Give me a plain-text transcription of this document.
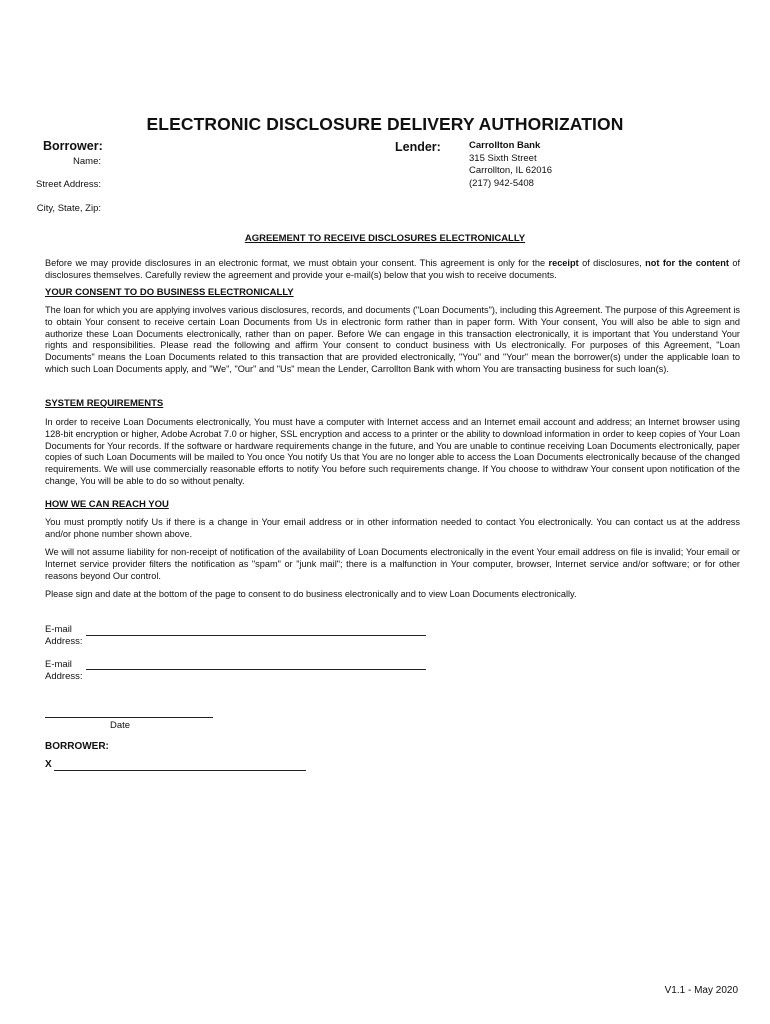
ELECTRONIC DISCLOSURE DELIVERY AUTHORIZATION
Borrower:
Name:
Street Address:
City, State, Zip:
Lender:	Carrollton Bank
315 Sixth Street
Carrollton, IL 62016
(217) 942-5408
AGREEMENT TO RECEIVE DISCLOSURES ELECTRONICALLY

Before we may provide disclosures in an electronic format, we must obtain your consent. This agreement is only for the receipt of disclosures, not for the content of disclosures themselves. Carefully review the agreement and provide your e-mail(s) below that you wish to receive documents.

YOUR CONSENT TO DO BUSINESS ELECTRONICALLY

The loan for which you are applying involves various disclosures, records, and documents ("Loan Documents"), including this Agreement. The purpose of this Agreement is to obtain Your consent to receive certain Loan Documents from Us in electronic form rather than in paper form. With Your consent, You will also be able to sign and authorize these Loan Documents electronically, rather than on paper. Before We can engage in this transaction electronically, it is important that You understand Your rights and responsibilities. Please read the following and affirm Your consent to conduct business with Us electronically. For purposes of this Agreement, "Loan Documents" means the Loan Documents related to this transaction that are provided electronically, "You" and "Your" mean the borrower(s) under the applicable loan to which such Loan Documents apply, and "We", "Our" and "Us" mean the Lender, Carrollton Bank with whom You are transacting business for such loan(s).

SYSTEM REQUIREMENTS

In order to receive Loan Documents electronically, You must have a computer with Internet access and an Internet email account and address; an Internet browser using 128-bit encryption or higher, Adobe Acrobat 7.0 or higher, SSL encryption and access to a printer or the ability to download information in order to keep copies of Your Loan Documents for Your records. If the software or hardware requirements change in the future, and You are unable to continue receiving Loan Documents electronically, paper copies of such Loan Documents will be mailed to You once You notify Us that You are no longer able to access the Loan Documents electronically because of the changed requirements. We will use commercially reasonable efforts to notify You before such requirements change. If You choose to withdraw Your consent upon notification of the change, You will be able to do so without penalty.

HOW WE CAN REACH YOU

You must promptly notify Us if there is a change in Your email address or in other information needed to contact You electronically. You can contact us at the address and/or phone number shown above.

We will not assume liability for non-receipt of notification of the availability of Loan Documents electronically in the event Your email address on file is invalid; Your email or Internet service provider filters the notification as "spam" or "junk mail"; there is a malfunction in Your computer, browser, Internet service and/or software; or for other reasons beyond Our control.

Please sign and date at the bottom of the page to consent to do business electronically and to view Loan Documents electronically.

E-mail
Address:
E-mail
Address:
Date
BORROWER:
X
V1.1 - May 2020
